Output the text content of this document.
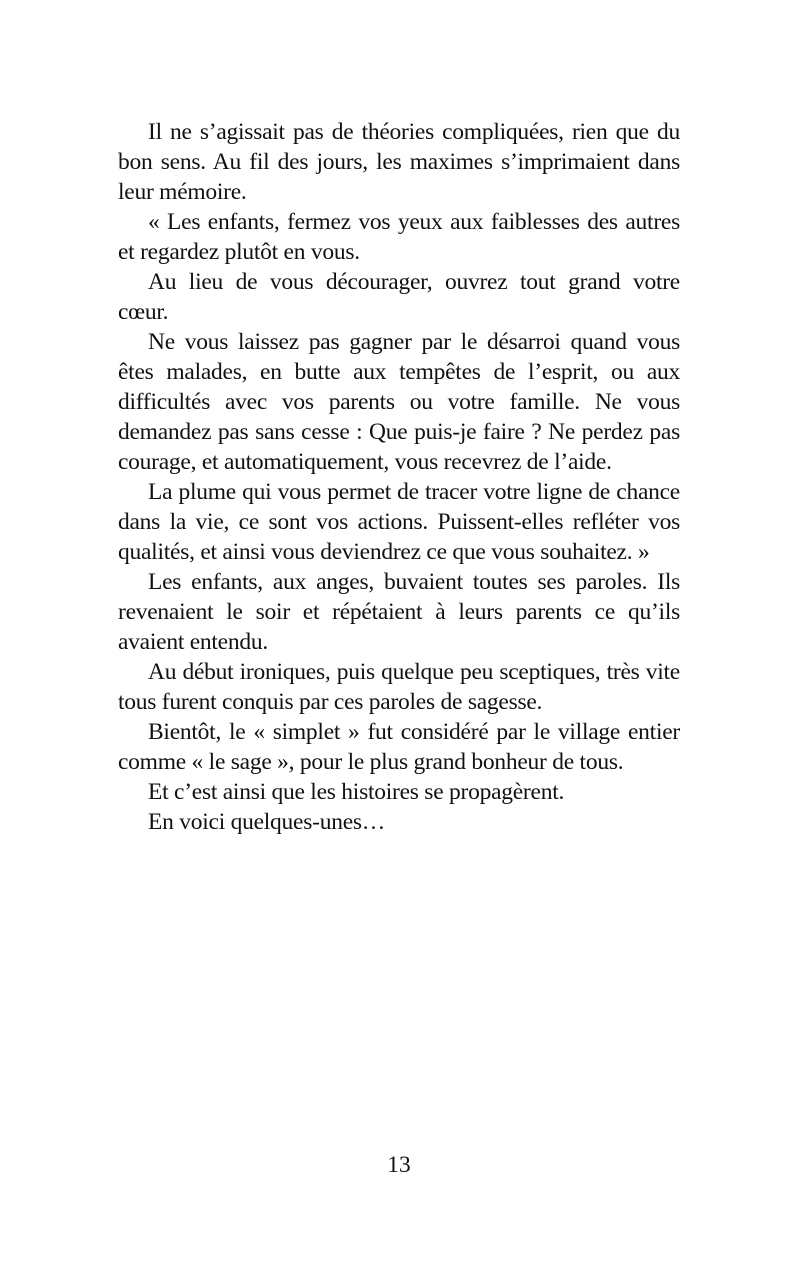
Il ne s’agissait pas de théories compliquées, rien que du bon sens. Au fil des jours, les maximes s’imprimaient dans leur mémoire.

« Les enfants, fermez vos yeux aux faiblesses des autres et regardez plutôt en vous.

Au lieu de vous décourager, ouvrez tout grand votre cœur.

Ne vous laissez pas gagner par le désarroi quand vous êtes malades, en butte aux tempêtes de l’esprit, ou aux difficultés avec vos parents ou votre famille. Ne vous demandez pas sans cesse : Que puis-je faire ? Ne perdez pas courage, et automatiquement, vous recevrez de l’aide.

La plume qui vous permet de tracer votre ligne de chance dans la vie, ce sont vos actions. Puissent-elles refléter vos qualités, et ainsi vous deviendrez ce que vous souhaitez. »

Les enfants, aux anges, buvaient toutes ses paroles. Ils revenaient le soir et répétaient à leurs parents ce qu’ils avaient entendu.

Au début ironiques, puis quelque peu sceptiques, très vite tous furent conquis par ces paroles de sagesse.

Bientôt, le « simplet » fut considéré par le village entier comme « le sage », pour le plus grand bonheur de tous.

Et c’est ainsi que les histoires se propagèrent.

En voici quelques-unes…

13
